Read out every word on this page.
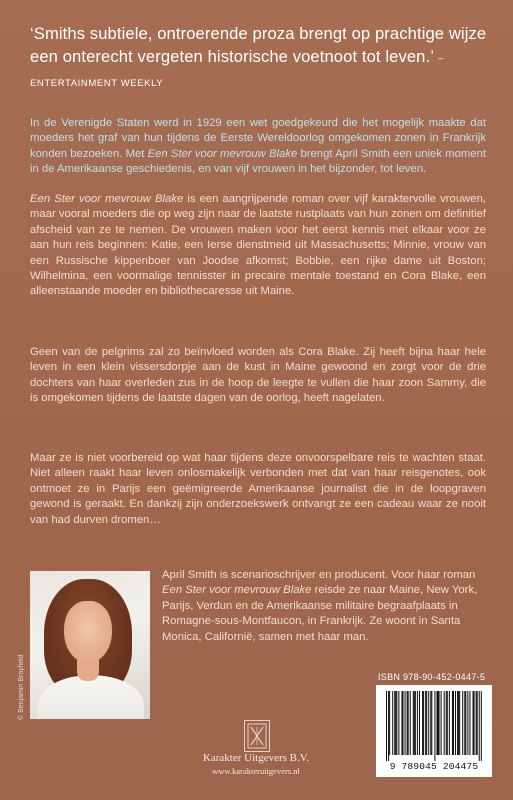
‘Smiths subtiele, ontroerende proza brengt op prachtige wijze een onterecht vergeten historische voetnoot tot leven.’ – ENTERTAINMENT WEEKLY

In de Verenigde Staten werd in 1929 een wet goedgekeurd die het mogelijk maakte dat moeders het graf van hun tijdens de Eerste Wereldoorlog omgekomen zonen in Frankrijk konden bezoeken. Met Een Ster voor mevrouw Blake brengt April Smith een uniek moment in de Amerikaanse geschiedenis, en van vijf vrouwen in het bijzonder, tot leven.

Een Ster voor mevrouw Blake is een aangrijpende roman over vijf karaktervolle vrouwen, maar vooral moeders die op weg zijn naar de laatste rustplaats van hun zonen om definitief afscheid van ze te nemen. De vrouwen maken voor het eerst kennis met elkaar voor ze aan hun reis beginnen: Katie, een Ierse dienstmeid uit Massachusetts; Minnie, vrouw van een Russische kippenboer van Joodse afkomst; Bobbie, een rijke dame uit Boston; Wilhelmina, een voormalige tennisster in precaire mentale toestand en Cora Blake, een alleenstaande moeder en bibliothecaresse uit Maine.

Geen van de pelgrims zal zo beïnvloed worden als Cora Blake. Zij heeft bijna haar hele leven in een klein vissersdorpje aan de kust in Maine gewoond en zorgt voor de drie dochters van haar overleden zus in de hoop de leegte te vullen die haar zoon Sammy, die is omgekomen tijdens de laatste dagen van de oorlog, heeft nagelaten.

Maar ze is niet voorbereid op wat haar tijdens deze onvoorspelbare reis te wachten staat. Niet alleen raakt haar leven onlosmakelijk verbonden met dat van haar reisgenotes, ook ontmoet ze in Parijs een geëmigreerde Amerikaanse journalist die in de loopgraven gewond is geraakt. En dankzij zijn onderzoekswerk ontvangt ze een cadeau waar ze nooit van had durven dromen…

© Benjamin Brayfield

April Smith is scenarioschrijver en producent. Voor haar roman Een Ster voor mevrouw Blake reisde ze naar Maine, New York, Parijs, Verdun en de Amerikaanse militaire begraafplaats in Romagne-sous-Montfaucon, in Frankrijk. Ze woont in Santa Monica, Californië, samen met haar man.

Karakter Uitgevers B.V.
www.karakteruitgevers.nl
ISBN 978-90-452-0447-5
9 789045 204475
